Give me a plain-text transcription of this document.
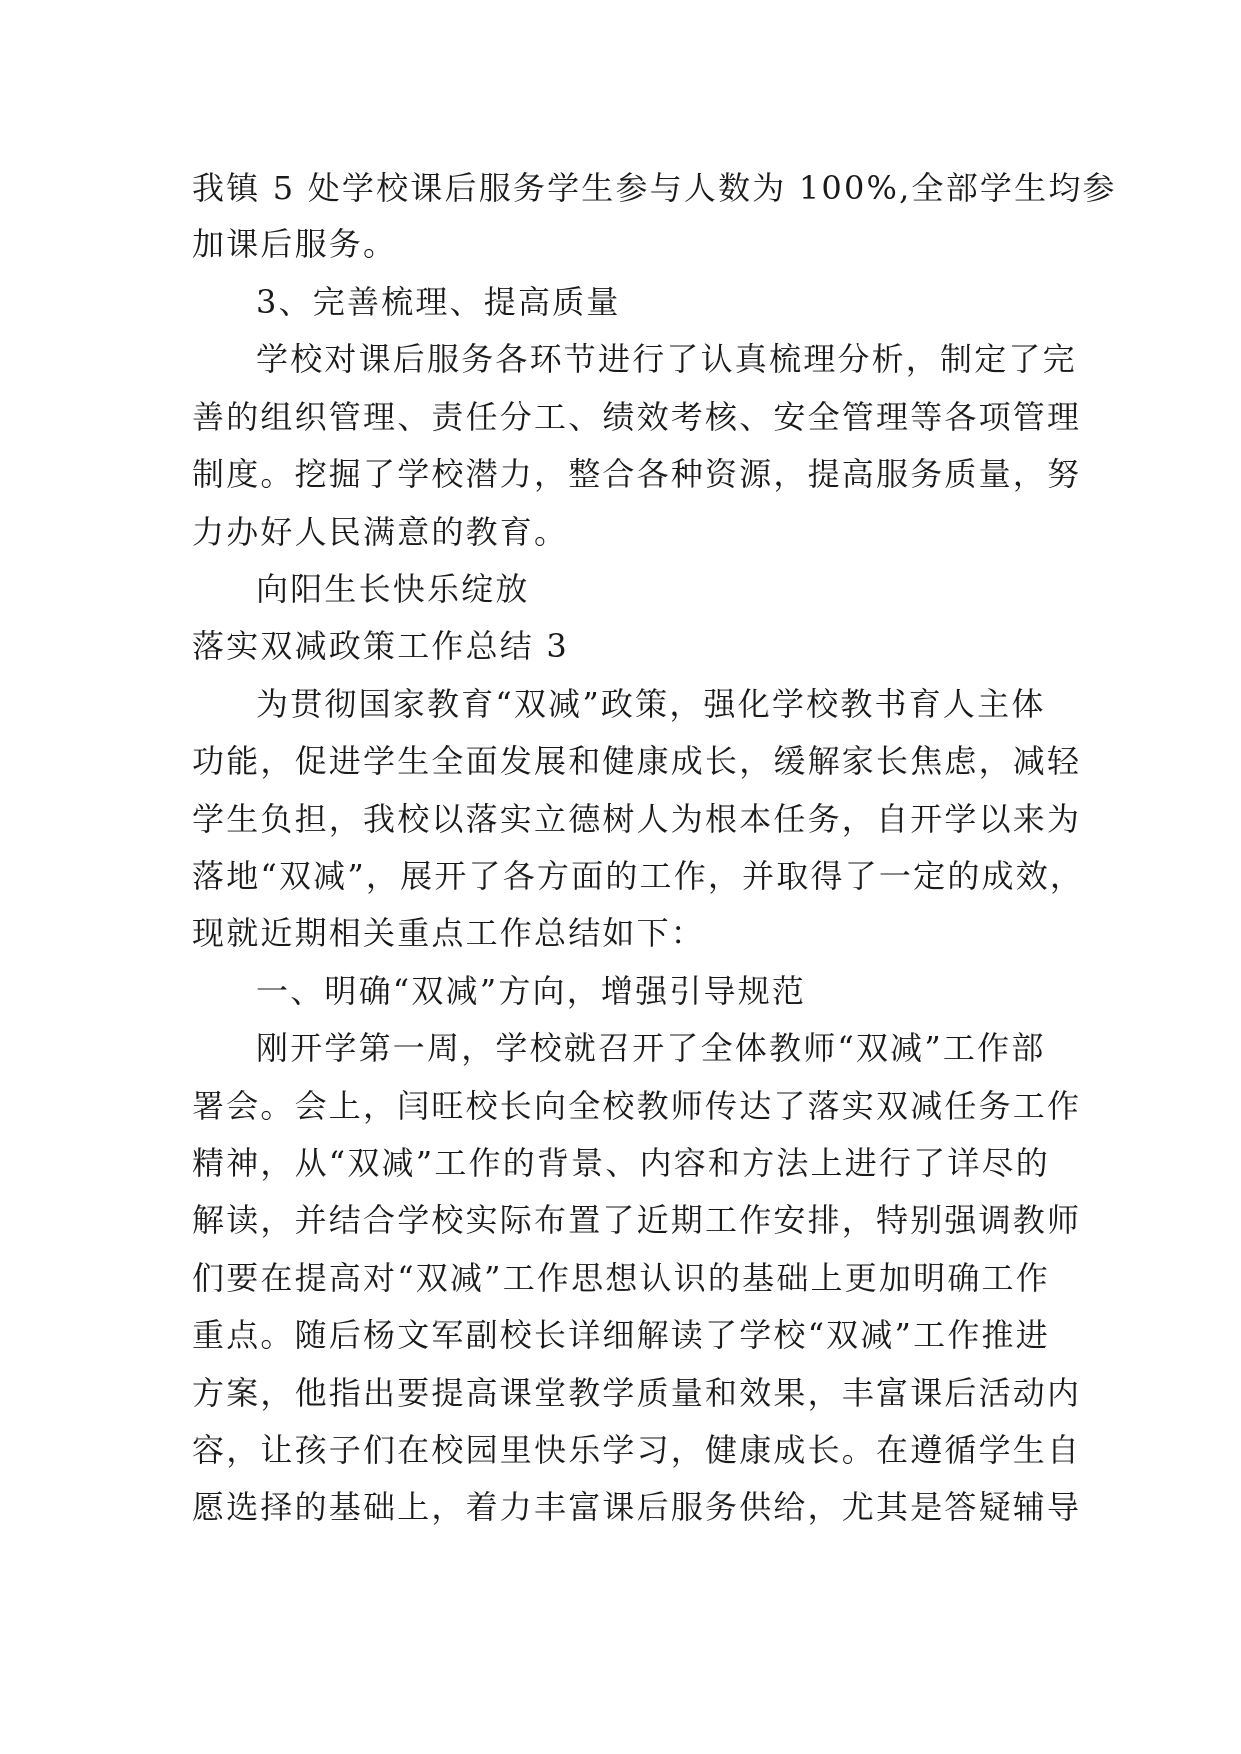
我镇 5 处学校课后服务学生参与人数为 100%,全部学生均参
加课后服务。
3、完善梳理、提高质量
学校对课后服务各环节进行了认真梳理分析，制定了完
善的组织管理、责任分工、绩效考核、安全管理等各项管理
制度。挖掘了学校潜力，整合各种资源，提高服务质量，努
力办好人民满意的教育。
向阳生长快乐绽放
落实双减政策工作总结 3
为贯彻国家教育“双减”政策，强化学校教书育人主体
功能，促进学生全面发展和健康成长，缓解家长焦虑，减轻
学生负担，我校以落实立德树人为根本任务，自开学以来为
落地“双减”，展开了各方面的工作，并取得了一定的成效，
现就近期相关重点工作总结如下：
一、明确“双减”方向，增强引导规范
刚开学第一周，学校就召开了全体教师“双减”工作部
署会。会上，闫旺校长向全校教师传达了落实双减任务工作
精神，从“双减”工作的背景、内容和方法上进行了详尽的
解读，并结合学校实际布置了近期工作安排，特别强调教师
们要在提高对“双减”工作思想认识的基础上更加明确工作
重点。随后杨文军副校长详细解读了学校“双减”工作推进
方案，他指出要提高课堂教学质量和效果，丰富课后活动内
容，让孩子们在校园里快乐学习，健康成长。在遵循学生自
愿选择的基础上，着力丰富课后服务供给，尤其是答疑辅导
